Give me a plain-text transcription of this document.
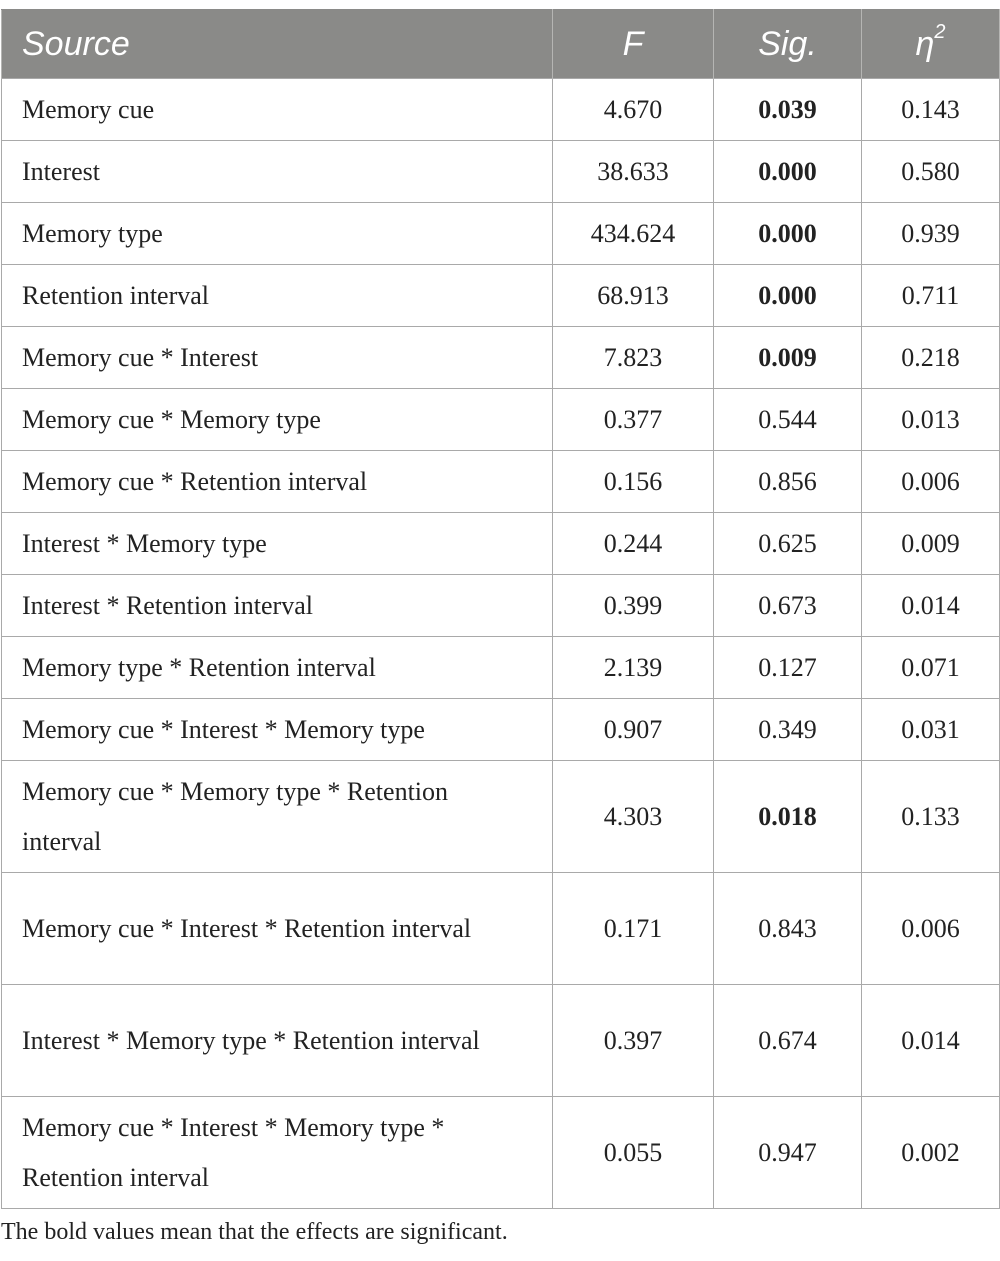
Source	F	Sig.	$\eta^2$
Memory cue	4.670	0.039	0.143
Interest	38.633	0.000	0.580
Memory type	434.624	0.000	0.939
Retention interval	68.913	0.000	0.711
Memory cue * Interest	7.823	0.009	0.218
Memory cue * Memory type	0.377	0.544	0.013
Memory cue * Retention interval	0.156	0.856	0.006
Interest * Memory type	0.244	0.625	0.009
Interest * Retention interval	0.399	0.673	0.014
Memory type * Retention interval	2.139	0.127	0.071
Memory cue * Interest * Memory type	0.907	0.349	0.031
Memory cue * Memory type * Retention interval	4.303	0.018	0.133
Memory cue * Interest * Retention interval	0.171	0.843	0.006
Interest * Memory type * Retention interval	0.397	0.674	0.014
Memory cue * Interest * Memory type * Retention interval	0.055	0.947	0.002
The bold values mean that the effects are significant.
